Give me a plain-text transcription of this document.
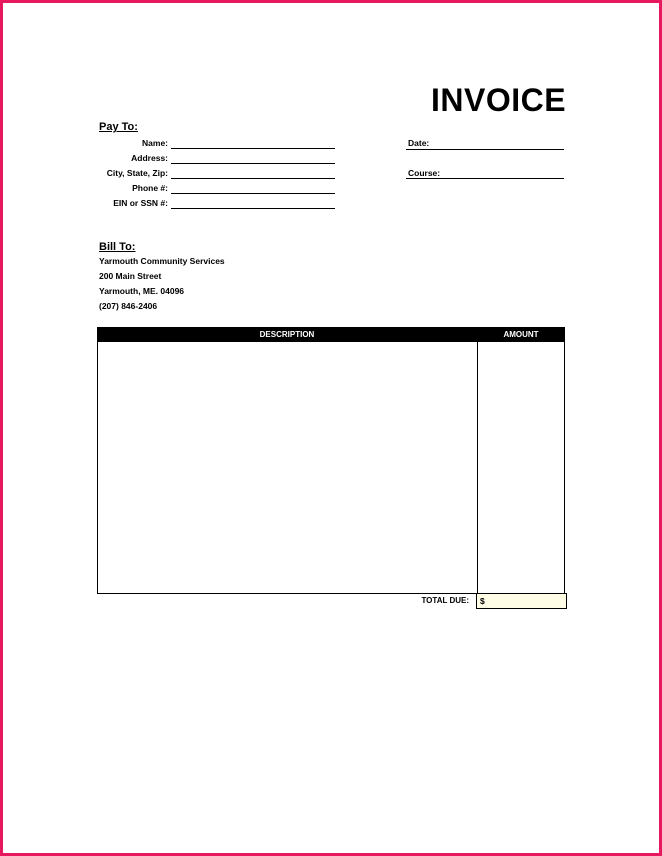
INVOICE
Pay To:
Name:
Address:
City, State, Zip:
Phone #:
EIN or SSN #:
Date:
Course:
Bill To:
Yarmouth Community Services
200 Main Street
Yarmouth, ME. 04096
(207) 846-2406
DESCRIPTION	AMOUNT
TOTAL DUE:	$
